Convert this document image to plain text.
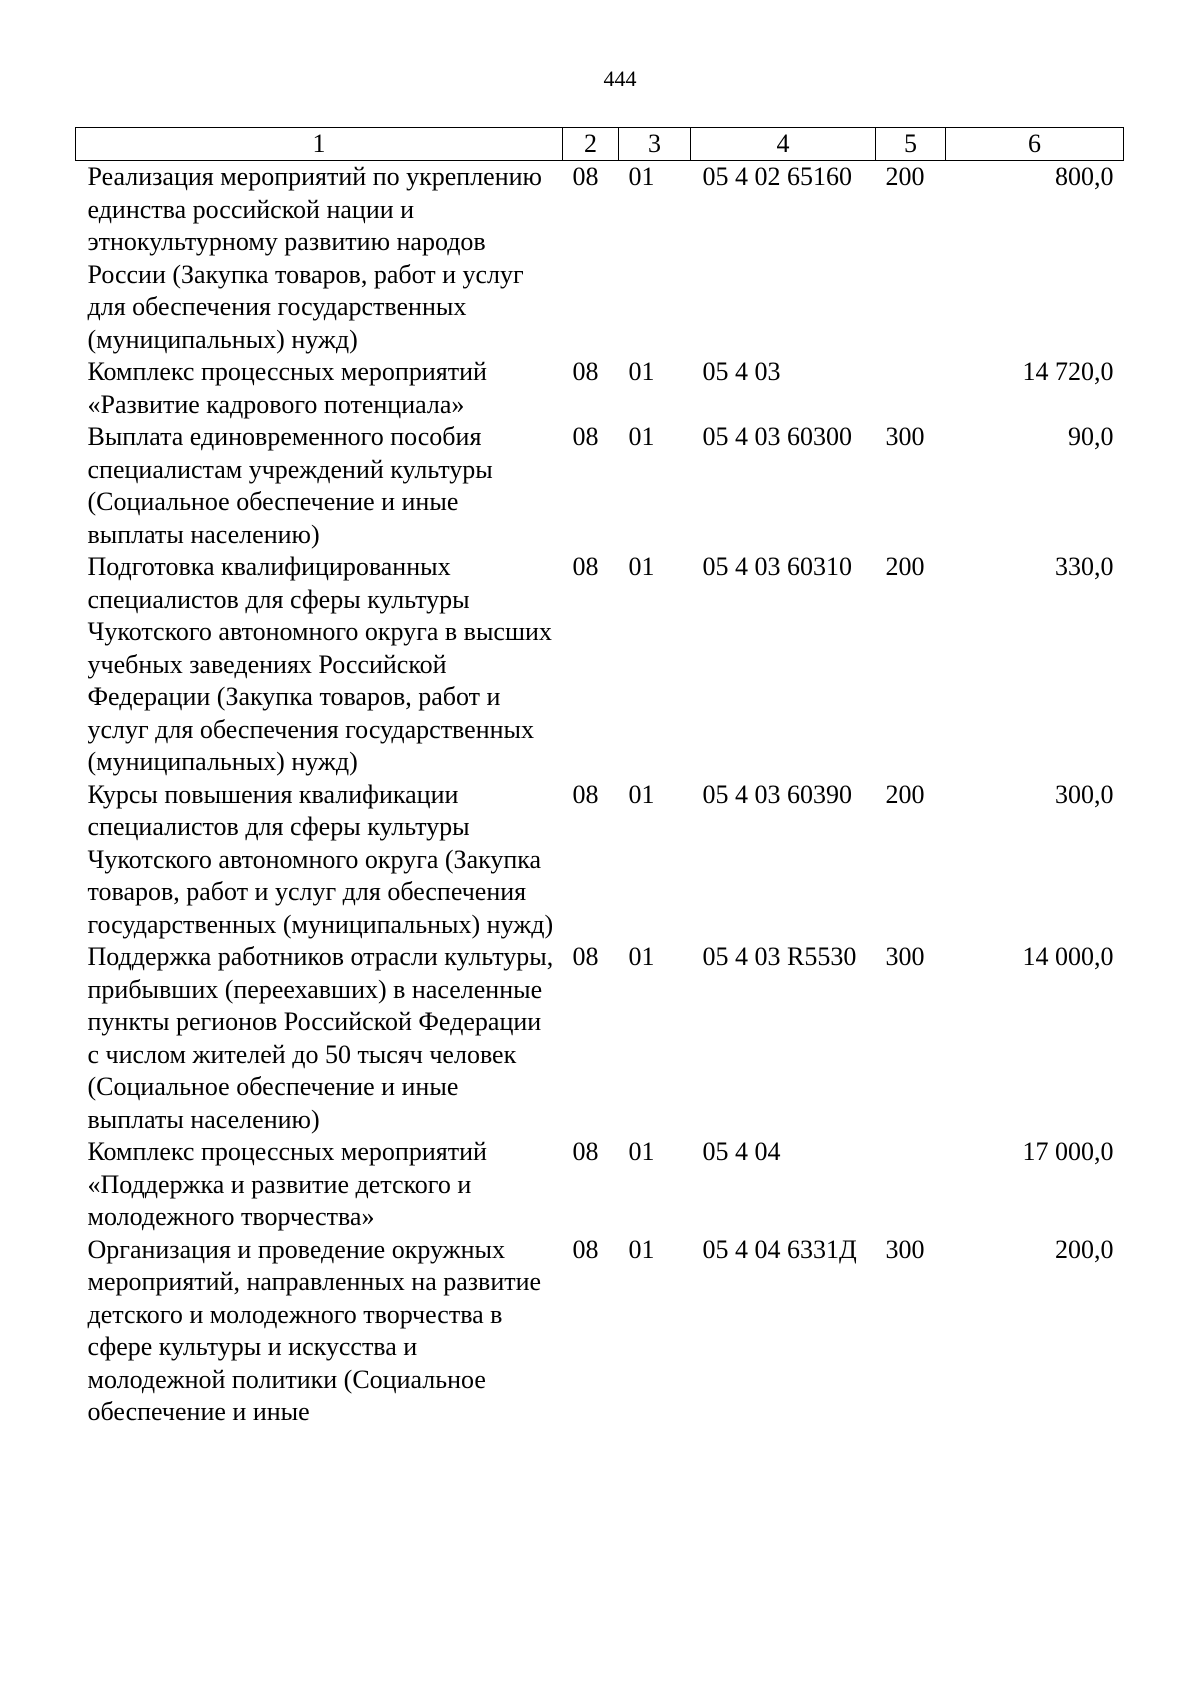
444
1	2	3	4	5	6
Реализация мероприятий по укреплению единства российской нации и этнокультурному развитию народов России (Закупка товаров, работ и услуг для обеспечения государственных (муниципальных) нужд)	08	01	05 4 02 65160	200	800,0
Комплекс процессных мероприятий «Развитие кадрового потенциала»	08	01	05 4 03		14 720,0
Выплата единовременного пособия специалистам учреждений культуры (Социальное обеспечение и иные выплаты населению)	08	01	05 4 03 60300	300	90,0
Подготовка квалифицированных специалистов для сферы культуры Чукотского автономного округа в высших учебных заведениях Российской Федерации (Закупка товаров, работ и услуг для обеспечения государственных (муниципальных) нужд)	08	01	05 4 03 60310	200	330,0
Курсы повышения квалификации специалистов для сферы культуры Чукотского автономного округа (Закупка товаров, работ и услуг для обеспечения государственных (муниципальных) нужд)	08	01	05 4 03 60390	200	300,0
Поддержка работников отрасли культуры, прибывших (переехавших) в населенные пункты регионов Российской Федерации с числом жителей до 50 тысяч человек (Социальное обеспечение и иные выплаты населению)	08	01	05 4 03 R5530	300	14 000,0
Комплекс процессных мероприятий «Поддержка и развитие детского и молодежного творчества»	08	01	05 4 04		17 000,0
Организация и проведение окружных мероприятий, направленных на развитие детского и молодежного творчества в сфере культуры и искусства и молодежной политики (Социальное обеспечение и иные	08	01	05 4 04 6331Д	300	200,0
